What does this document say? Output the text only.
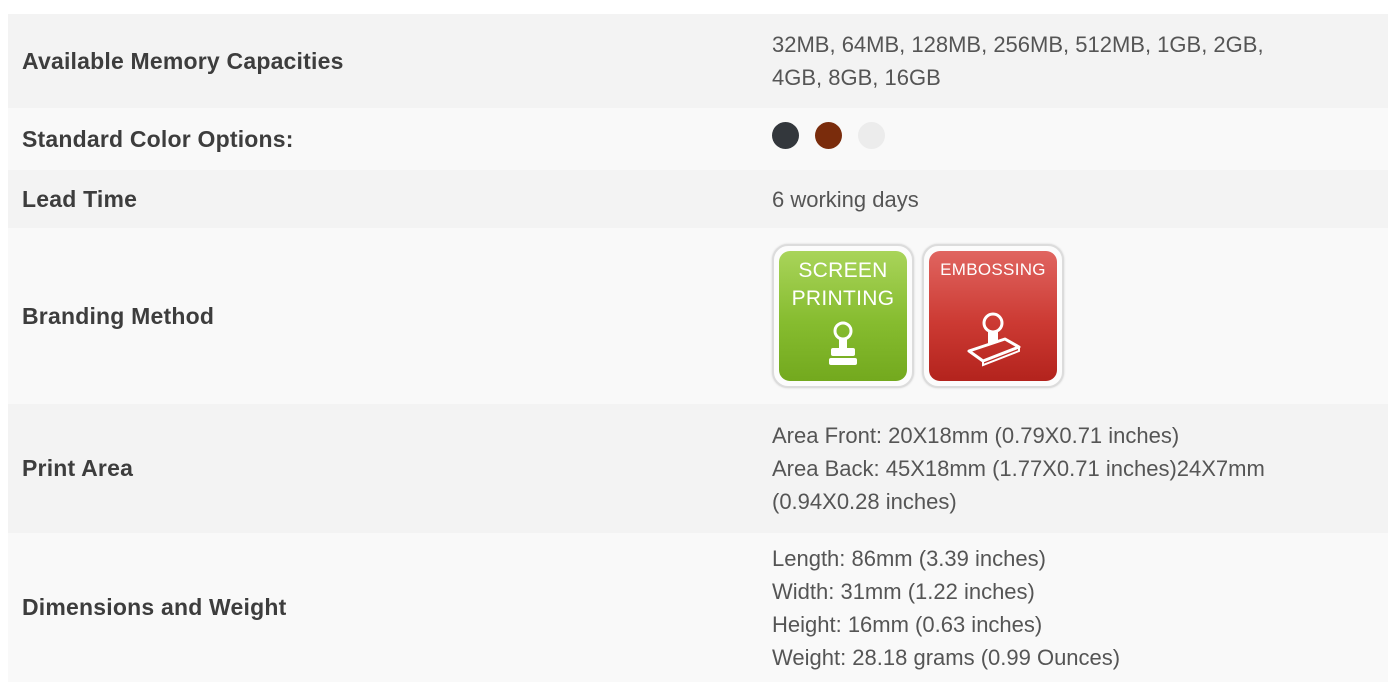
Available Memory Capacities
32MB, 64MB, 128MB, 256MB, 512MB, 1GB, 2GB,
4GB, 8GB, 16GB
Standard Color Options:
Lead Time	6 working days
Branding Method
SCREEN
PRINTING
EMBOSSING
Print Area
Area Front: 20X18mm (0.79X0.71 inches)
Area Back: 45X18mm (1.77X0.71 inches)24X7mm
(0.94X0.28 inches)
Dimensions and Weight
Length: 86mm (3.39 inches)
Width: 31mm (1.22 inches)
Height: 16mm (0.63 inches)
Weight: 28.18 grams (0.99 Ounces)
